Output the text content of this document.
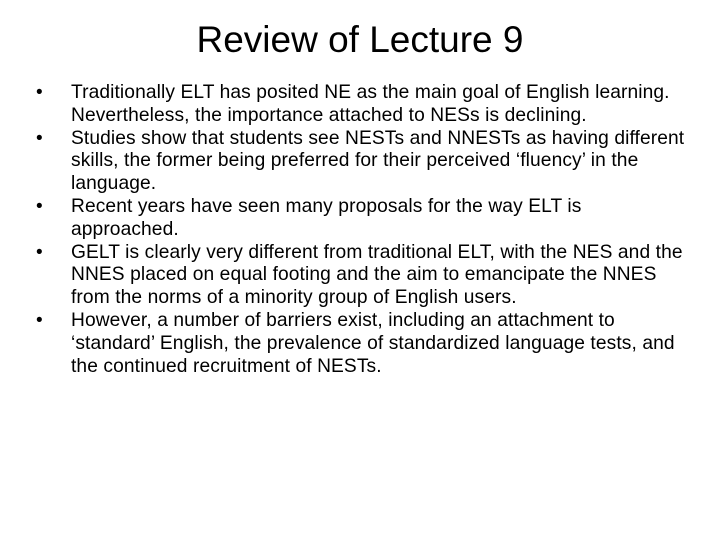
Review of Lecture 9
•	Traditionally ELT has posited NE as the main goal of English learning. Nevertheless, the importance attached to NESs is declining.
•	Studies show that students see NESTs and NNESTs as having different skills, the former being preferred for their perceived ‘fluency’ in the language.
•	Recent years have seen many proposals for the way ELT is approached.
•	GELT is clearly very different from traditional ELT, with the NES and the NNES placed on equal footing and the aim to emancipate the NNES from the norms of a minority group of English users.
•	However, a number of barriers exist, including an attachment to ‘standard’ English, the prevalence of standardized language tests, and the continued recruitment of NESTs.
